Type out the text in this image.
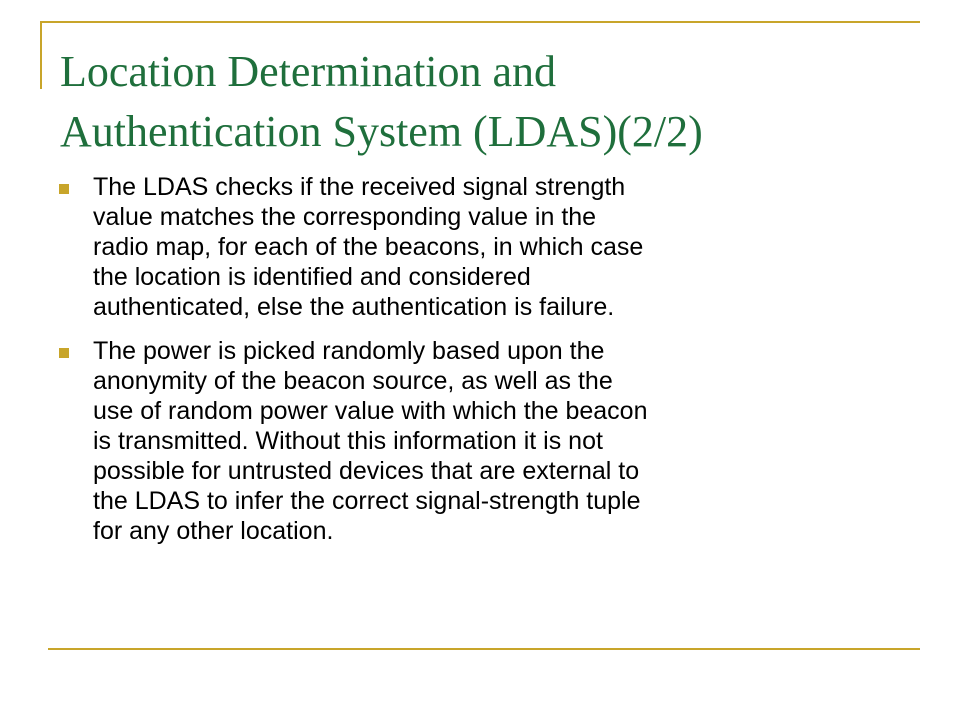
Location Determination and
Authentication System (LDAS)(2/2)
The LDAS checks if the received signal strength
value matches the corresponding value in the
radio map, for each of the beacons, in which case
the location is identified and considered
authenticated, else the authentication is failure.
The power is picked randomly based upon the
anonymity of the beacon source, as well as the
use of random power value with which the beacon
is transmitted. Without this information it is not
possible for untrusted devices that are external to
the LDAS to infer the correct signal-strength tuple
for any other location.
